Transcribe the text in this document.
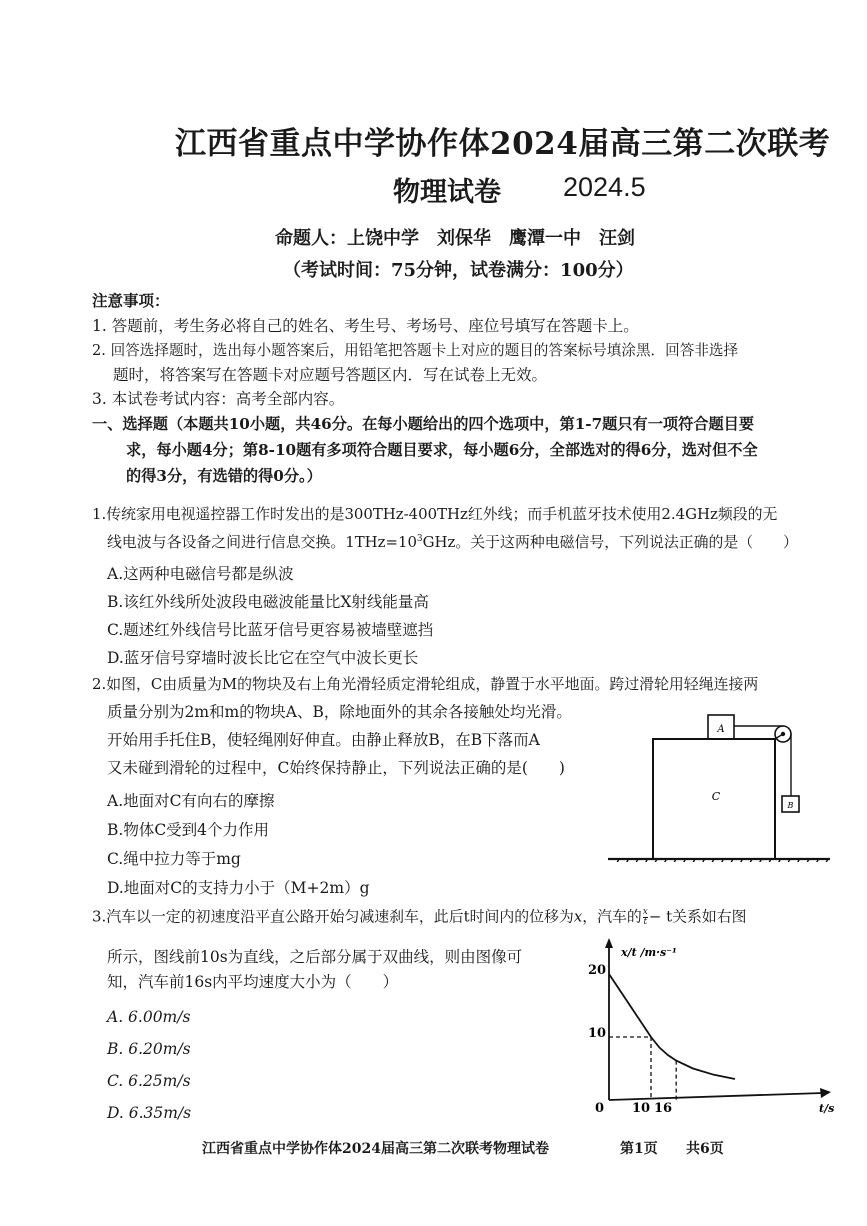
江西省重点中学协作体2024届高三第二次联考
物理试卷 2024.5
命题人：上饶中学　刘保华　鹰潭一中　汪剑
（考试时间：75分钟，试卷满分：100分）
注意事项：
1. 答题前，考生务必将自己的姓名、考生号、考场号、座位号填写在答题卡上。
2. 回答选择题时，选出每小题答案后，用铅笔把答题卡上对应的题目的答案标号填涂黑．回答非选择
题时，将答案写在答题卡对应题号答题区内．写在试卷上无效。
3. 本试卷考试内容：高考全部内容。
一、选择题（本题共10小题，共46分。在每小题给出的四个选项中，第1-7题只有一项符合题目要
求，每小题4分；第8-10题有多项符合题目要求，每小题6分，全部选对的得6分，选对但不全
的得3分，有选错的得0分。）
1.传统家用电视遥控器工作时发出的是300THz-400THz红外线；而手机蓝牙技术使用2.4GHz频段的无
线电波与各设备之间进行信息交换。$1THz=10^3GHz$。关于这两种电磁信号，下列说法正确的是（　　）
A.这两种电磁信号都是纵波
B.该红外线所处波段电磁波能量比X射线能量高
C.题述红外线信号比蓝牙信号更容易被墙壁遮挡
D.蓝牙信号穿墙时波长比它在空气中波长更长
2.如图，C由质量为M的物块及右上角光滑轻质定滑轮组成，静置于水平地面。跨过滑轮用轻绳连接两
质量分别为2m和m的物块A、B，除地面外的其余各接触处均光滑。
开始用手托住B，使轻绳刚好伸直。由静止释放B，在B下落而A
又未碰到滑轮的过程中，C始终保持静止，下列说法正确的是(　　)
A.地面对C有向右的摩擦
B.物体C受到4个力作用
C.绳中拉力等于mg
D.地面对C的支持力小于（M+2m）g
C
A
B
3.汽车以一定的初速度沿平直公路开始匀减速刹车，此后t时间内的位移为x，汽车的 $\frac{x}{t} - t$关系如右图
所示，图线前10s为直线，之后部分属于双曲线，则由图像可
知，汽车前16s内平均速度大小为（　　）
A. 6.00m/s
B. 6.20m/s
C. 6.25m/s
D. 6.35m/s
x/t /m·s⁻¹
t/s
0
20
10
10 16
江西省重点中学协作体2024届高三第二次联考物理试卷	第1页 共6页
